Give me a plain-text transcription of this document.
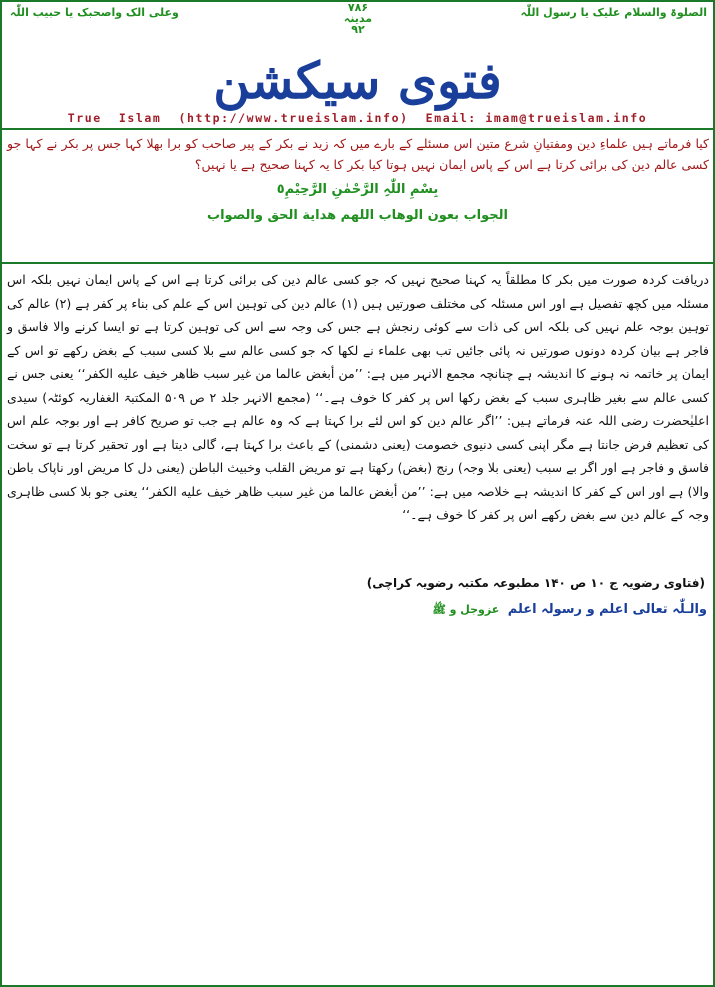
الصلوۃ والسلام علیک یا رسول اللّٰہ
۷۸۶
مدینہ
۹۲
وعلی الک واصحبک یا حبیب اللّٰہ
فتوی سیکشن
True  Islam  (http://www.trueislam.info)  Email: imam@trueislam.info
کیا فرماتے ہیں علماءِ دین ومفتیانِ شرع متین اس مسئلے کے بارے میں کہ زید نے بکر کے پیر صاحب کو برا بھلا کہا جس پر بکر نے کہا جو کسی عالم دین کی برائی کرتا ہے اس کے پاس ایمان نہیں ہوتا کیا بکر کا یہ کہنا صحیح ہے یا نہیں؟
بِسْمِ اللّٰہِ الرَّحْمٰنِ الرَّحِیْمِ٥
الجواب بعون الوهاب اللهم هداية الحق والصواب
دریافت کردہ صورت میں بکر کا مطلقاً یہ کہنا صحیح نہیں کہ جو کسی عالم دین کی برائی کرتا ہے اس کے پاس ایمان نہیں بلکہ اس مسئلہ میں کچھ تفصیل ہے اور اس مسئلہ کی مختلف صورتیں ہیں (۱) عالم دین کی توہین اس کے علم کی بناء پر کفر ہے (۲) عالم کی توہین بوجہ علم نہیں کی بلکہ اس کی ذات سے کوئی رنجش ہے جس کی وجہ سے اس کی توہین کرتا ہے تو ایسا کرنے والا فاسق و فاجر ہے بیان کردہ دونوں صورتیں نہ پائی جائیں تب بھی علماء نے لکھا کہ جو کسی عالم سے بلا کسی سبب کے بغض رکھے تو اس کے ایمان پر خاتمہ نہ ہونے کا اندیشہ ہے چنانچہ مجمع الانہر میں ہے: ’’من أبغض عالما من غير سبب ظاهر خيف عليه الكفر‘‘ یعنی جس نے کسی عالم سے بغیر ظاہری سبب کے بغض رکھا اس پر کفر کا خوف ہے۔‘‘ (مجمع الانہر جلد ۲ ص ۵۰۹ المکتبۃ الغفاریہ کوئٹہ) سیدی اعلیٰحضرت رضی اللہ عنہ فرماتے ہیں: ’’اگر عالم دین کو اس لئے برا کہتا ہے کہ وہ عالم ہے جب تو صریح کافر ہے اور بوجہ علم اس کی تعظیم فرض جانتا ہے مگر اپنی کسی دنیوی خصومت (یعنی دشمنی) کے باعث برا کہتا ہے، گالی دیتا ہے اور تحقیر کرتا ہے تو سخت فاسق و فاجر ہے اور اگر بے سبب (یعنی بلا وجہ) رنج (بغض) رکھتا ہے تو مریض القلب وخبیث الباطن (یعنی دل کا مریض اور ناپاک باطن والا) ہے اور اس کے کفر کا اندیشہ ہے خلاصہ میں ہے: ’’من أبغض عالما من غير سبب ظاهر خيف عليه الكفر‘‘ یعنی جو بلا کسی ظاہری وجہ کے عالم دین سے بغض رکھے اس پر کفر کا خوف ہے۔‘‘
(فتاوی رضویہ ج ۱۰ ص ۱۴۰ مطبوعہ مکتبہ رضویہ کراچی)
والـلّٰہ تعالی اعلم و رسولہ اعلم عزوجل و ﷺ
